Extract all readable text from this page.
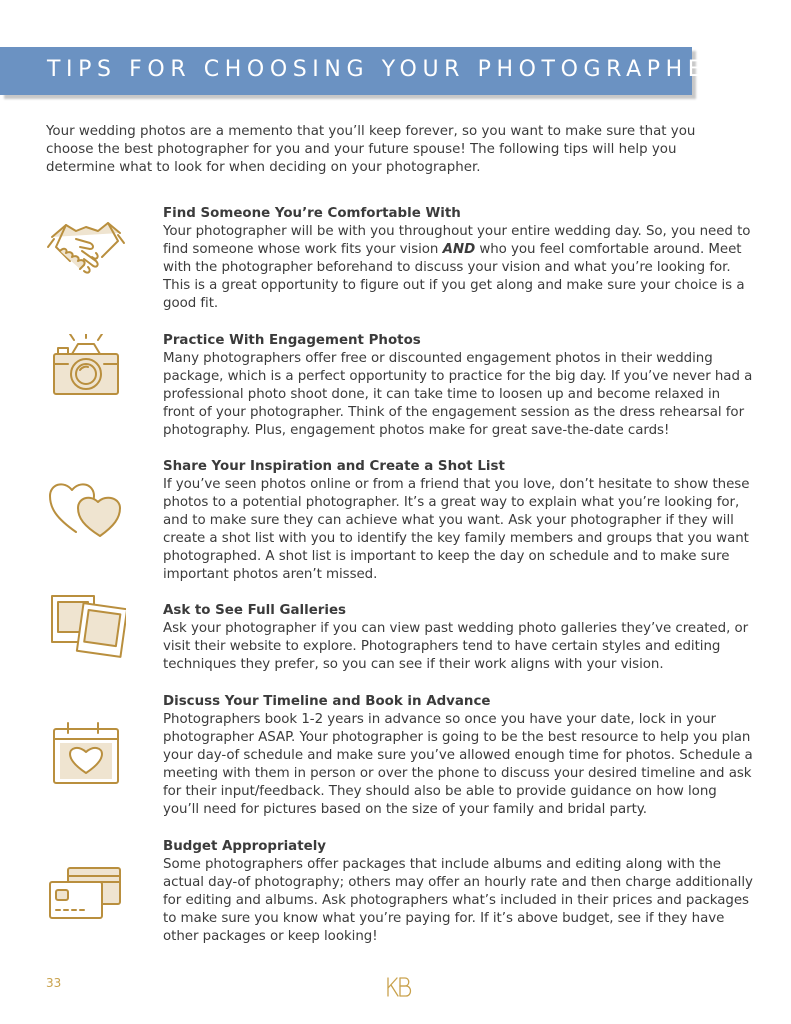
TIPS FOR CHOOSING YOUR PHOTOGRAPHER

Your wedding photos are a memento that you’ll keep forever, so you want to make sure that you choose the best photographer for you and your future spouse! The following tips will help you determine what to look for when deciding on your photographer.

Find Someone You’re Comfortable With

Your photographer will be with you throughout your entire wedding day. So, you need to find someone whose work fits your vision AND who you feel comfortable around. Meet with the photographer beforehand to discuss your vision and what you’re looking for. This is a great opportunity to figure out if you get along and make sure your choice is a good fit.

Practice With Engagement Photos

Many photographers offer free or discounted engagement photos in their wedding package, which is a perfect opportunity to practice for the big day. If you’ve never had a professional photo shoot done, it can take time to loosen up and become relaxed in front of your photographer. Think of the engagement session as the dress rehearsal for photography. Plus, engagement photos make for great save-the-date cards!

Share Your Inspiration and Create a Shot List

If you’ve seen photos online or from a friend that you love, don’t hesitate to show these photos to a potential photographer. It’s a great way to explain what you’re looking for, and to make sure they can achieve what you want. Ask your photographer if they will create a shot list with you to identify the key family members and groups that you want photographed. A shot list is important to keep the day on schedule and to make sure important photos aren’t missed.

Ask to See Full Galleries

Ask your photographer if you can view past wedding photo galleries they’ve created, or visit their website to explore. Photographers tend to have certain styles and editing techniques they prefer, so you can see if their work aligns with your vision.

Discuss Your Timeline and Book in Advance

Photographers book 1-2 years in advance so once you have your date, lock in your photographer ASAP. Your photographer is going to be the best resource to help you plan your day-of schedule and make sure you’ve allowed enough time for photos. Schedule a meeting with them in person or over the phone to discuss your desired timeline and ask for their input/feedback. They should also be able to provide guidance on how long you’ll need for pictures based on the size of your family and bridal party.

Budget Appropriately

Some photographers offer packages that include albums and editing along with the actual day-of photography; others may offer an hourly rate and then charge additionally for editing and albums. Ask photographers what’s included in their prices and packages to make sure you know what you’re paying for. If it’s above budget, see if they have other packages or keep looking!

33
